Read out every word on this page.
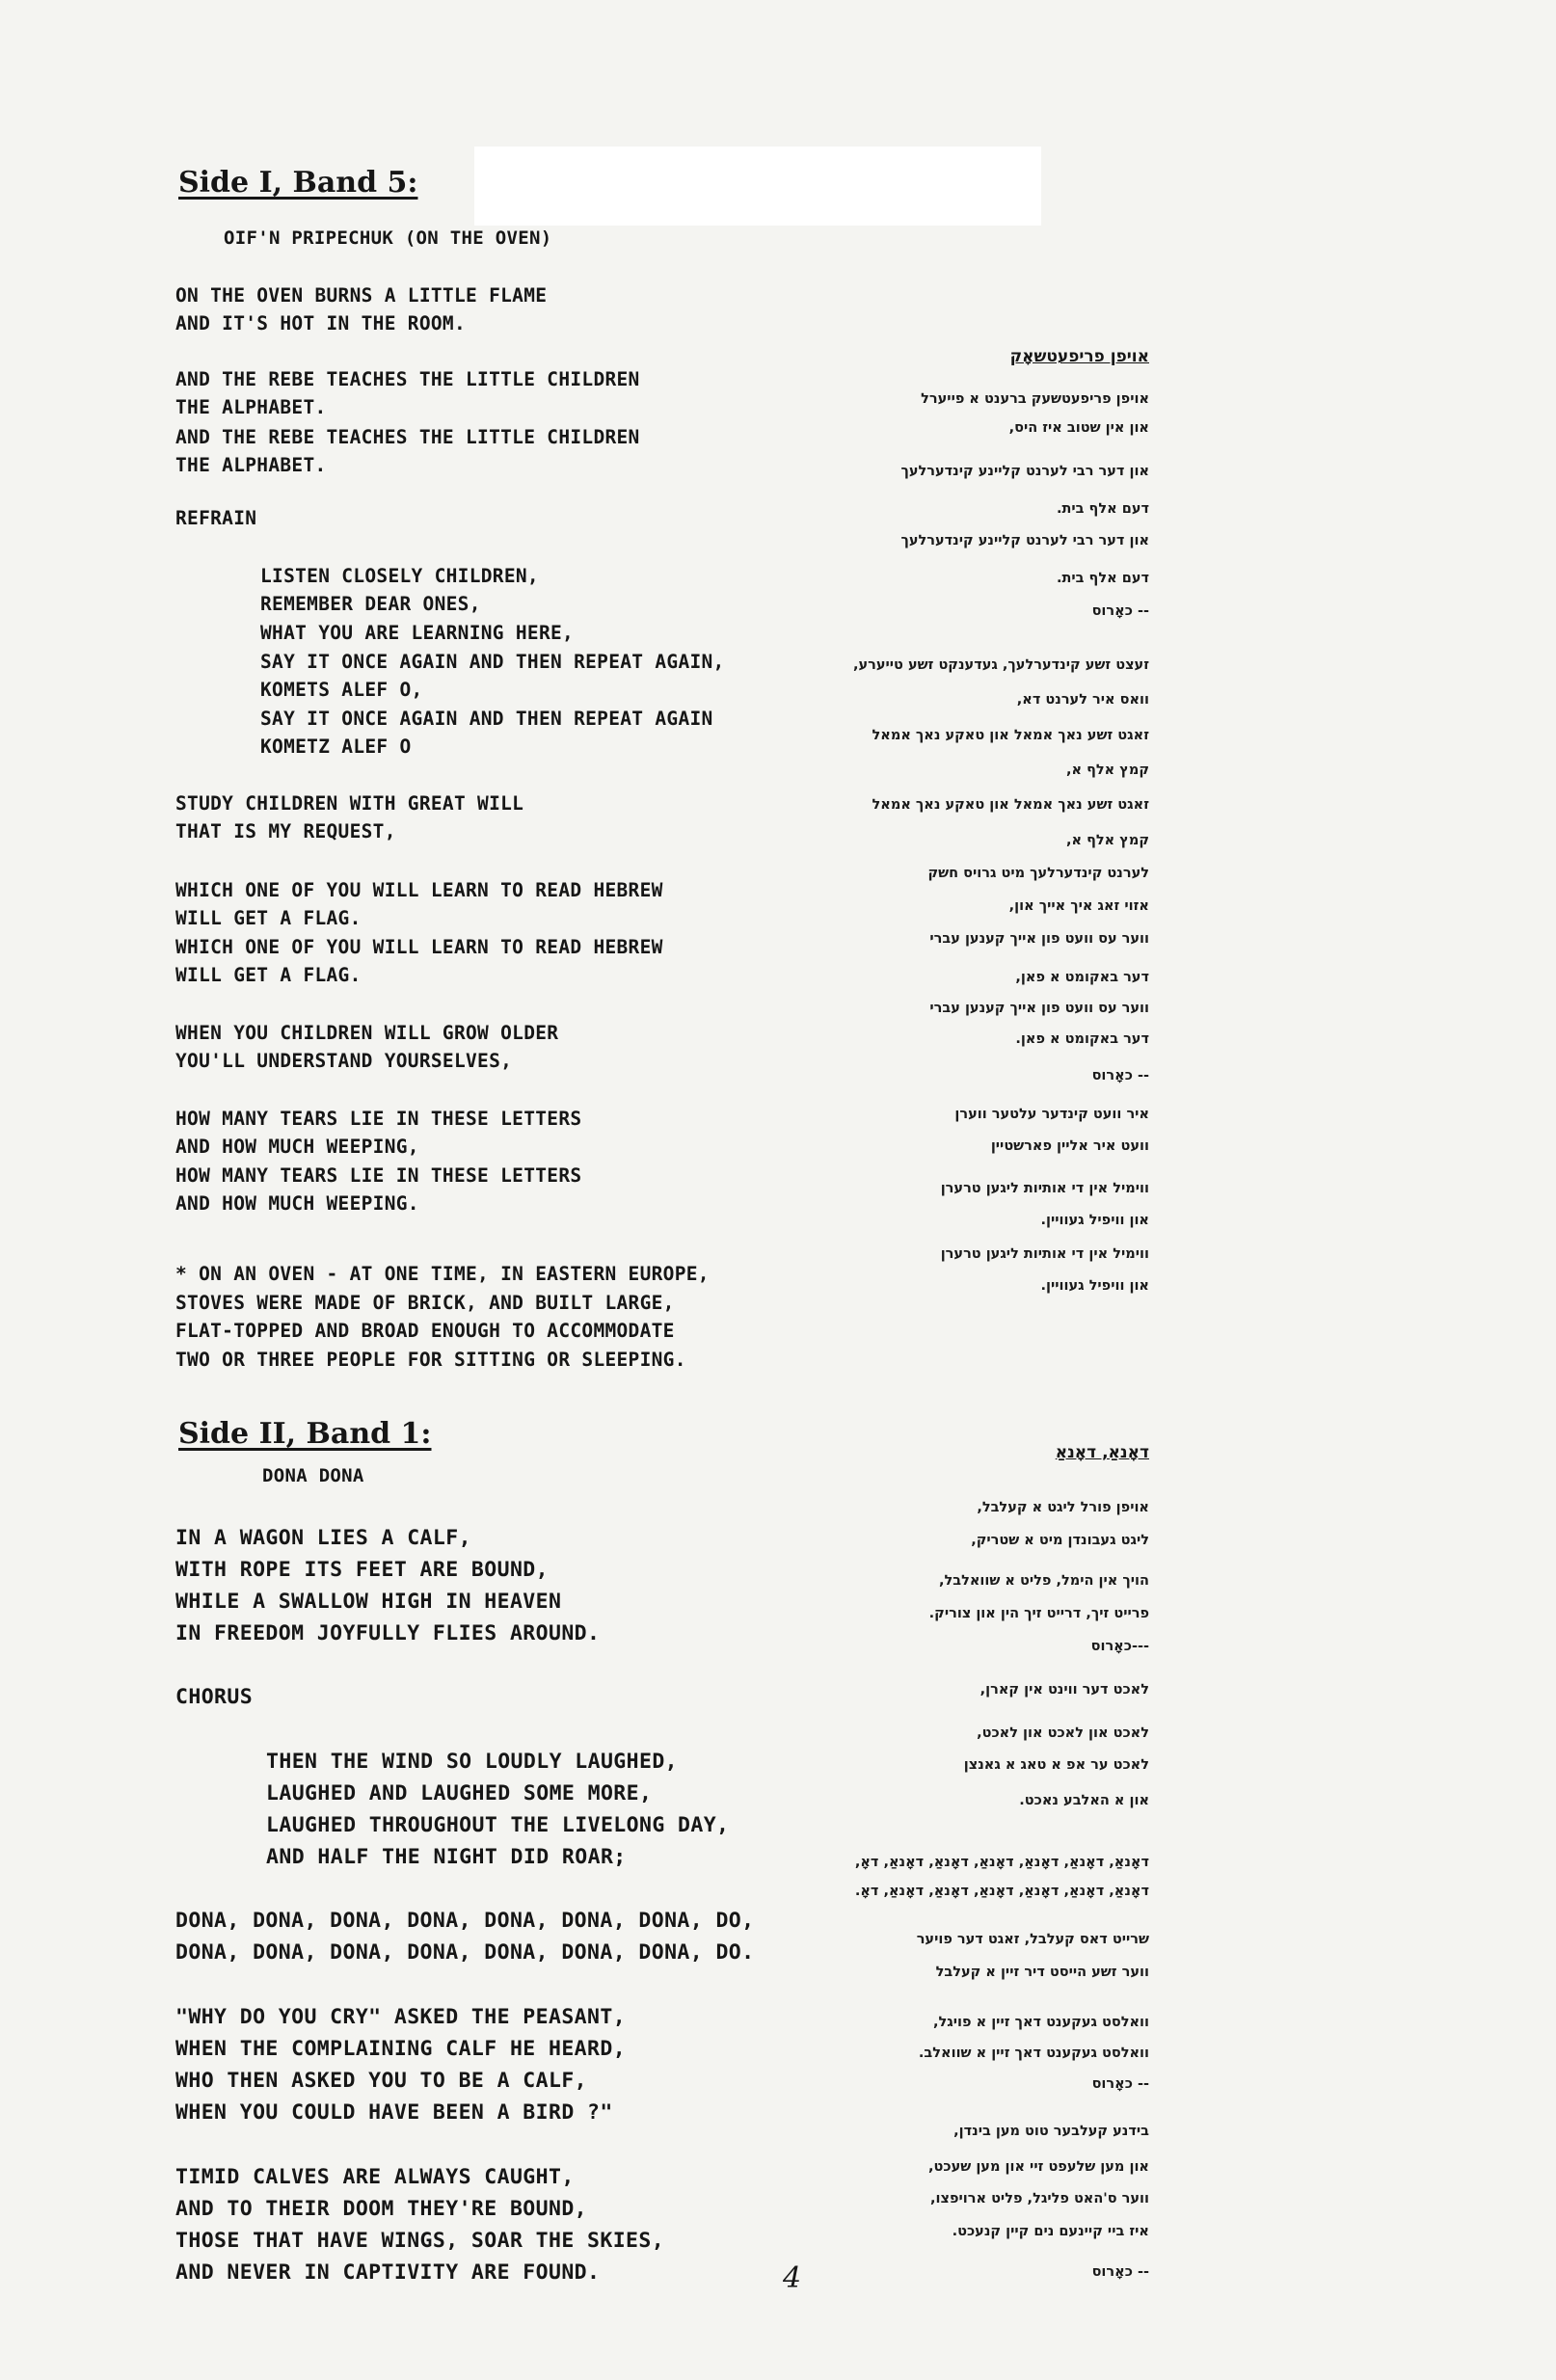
Side I, Band 5:
OIF'N PRIPECHUK (ON THE OVEN)
ON THE OVEN BURNS A LITTLE FLAME
AND IT'S HOT IN THE ROOM.
AND THE REBE TEACHES THE LITTLE CHILDREN
THE ALPHABET.
AND THE REBE TEACHES THE LITTLE CHILDREN
THE ALPHABET.
REFRAIN
LISTEN CLOSELY CHILDREN,
REMEMBER DEAR ONES,
WHAT YOU ARE LEARNING HERE,
SAY IT ONCE AGAIN AND THEN REPEAT AGAIN,
KOMETS ALEF O,
SAY IT ONCE AGAIN AND THEN REPEAT AGAIN
KOMETZ ALEF O
STUDY CHILDREN WITH GREAT WILL
THAT IS MY REQUEST,
WHICH ONE OF YOU WILL LEARN TO READ HEBREW
WILL GET A FLAG.
WHICH ONE OF YOU WILL LEARN TO READ HEBREW
WILL GET A FLAG.
WHEN YOU CHILDREN WILL GROW OLDER
YOU'LL UNDERSTAND YOURSELVES,
HOW MANY TEARS LIE IN THESE LETTERS
AND HOW MUCH WEEPING,
HOW MANY TEARS LIE IN THESE LETTERS
AND HOW MUCH WEEPING.
* ON AN OVEN - AT ONE TIME, IN EASTERN EUROPE,
STOVES WERE MADE OF BRICK, AND BUILT LARGE,
FLAT-TOPPED AND BROAD ENOUGH TO ACCOMMODATE
TWO OR THREE PEOPLE FOR SITTING OR SLEEPING.
אויפן פריפעטשאָק
אויפן פריפעטשעק ברענט א פייערל
און אין שטוב איז היס,
און דער רבי לערנט קליינע קינדערלעך
דעם אלף בית.
און דער רבי לערנט קליינע קינדערלעך
דעם אלף בית.
-- כאָרוס
זעצט זשע קינדערלעך, געדענקט זשע טייערע,
וואס איר לערנט דא,
זאגט זשע נאך אמאל און טאקע נאך אמאל
קמץ אלף א,
זאגט זשע נאך אמאל און טאקע נאך אמאל
קמץ אלף א,
לערנט קינדערלעך מיט גרויס חשק
אזוי זאג איך אייך און,
ווער עס וועט פון אייך קענען עברי
דער באקומט א פאן,
ווער עס וועט פון אייך קענען עברי
דער באקומט א פאן.
-- כאָרוס
איר וועט קינדער עלטער ווערן
וועט איר אליין פארשטיין
ווימיל אין די אותיות ליגען טרערן
און וויפיל געוויין.
ווימיל אין די אותיות ליגען טרערן
און וויפיל געוויין.
Side II, Band 1:
DONA DONA
IN A WAGON LIES A CALF,
WITH ROPE ITS FEET ARE BOUND,
WHILE A SWALLOW HIGH IN HEAVEN
IN FREEDOM JOYFULLY FLIES AROUND.
CHORUS
THEN THE WIND SO LOUDLY LAUGHED,
LAUGHED AND LAUGHED SOME MORE,
LAUGHED THROUGHOUT THE LIVELONG DAY,
AND HALF THE NIGHT DID ROAR;
DONA, DONA, DONA, DONA, DONA, DONA, DONA, DO,
DONA, DONA, DONA, DONA, DONA, DONA, DONA, DO.
"WHY DO YOU CRY" ASKED THE PEASANT,
WHEN THE COMPLAINING CALF HE HEARD,
WHO THEN ASKED YOU TO BE A CALF,
WHEN YOU COULD HAVE BEEN A BIRD ?"
TIMID CALVES ARE ALWAYS CAUGHT,
AND TO THEIR DOOM THEY'RE BOUND,
THOSE THAT HAVE WINGS, SOAR THE SKIES,
AND NEVER IN CAPTIVITY ARE FOUND.
דאָנאַ, דאָנאַ
אויפן פורל ליגט א קעלבל,
ליגט געבונדן מיט א שטריק,
הויך אין הימל, פליט א שוואלבל,
פרייט זיך, דרייט זיך הין און צוריק.
---כאָרוס
לאכט דער ווינט אין קארן,
לאכט און לאכט און לאכט,
לאכט ער אפ א טאג א גאנצן
און א האלבע נאכט.
דאָנאַ, דאָנאַ, דאָנאַ, דאָנאַ, דאָנאַ, דאָנאַ, דאָ,
דאָנאַ, דאָנאַ, דאָנאַ, דאָנאַ, דאָנאַ, דאָנאַ, דאָ.
שרייט דאס קעלבל, זאגט דער פויער
ווער זשע הייסט דיר זיין א קעלבל
וואלסט געקענט דאך זיין א פויגל,
וואלסט געקענט דאך זיין א שוואלב.
-- כאָרוס
בידנע קעלבער טוט מען בינדן,
און מען שלעפט זיי און מען שעכט,
ווער ס'האט פליגל, פליט ארויפצו,
איז ביי קיינעם נים קיין קנעכט.
-- כאָרוס
4
